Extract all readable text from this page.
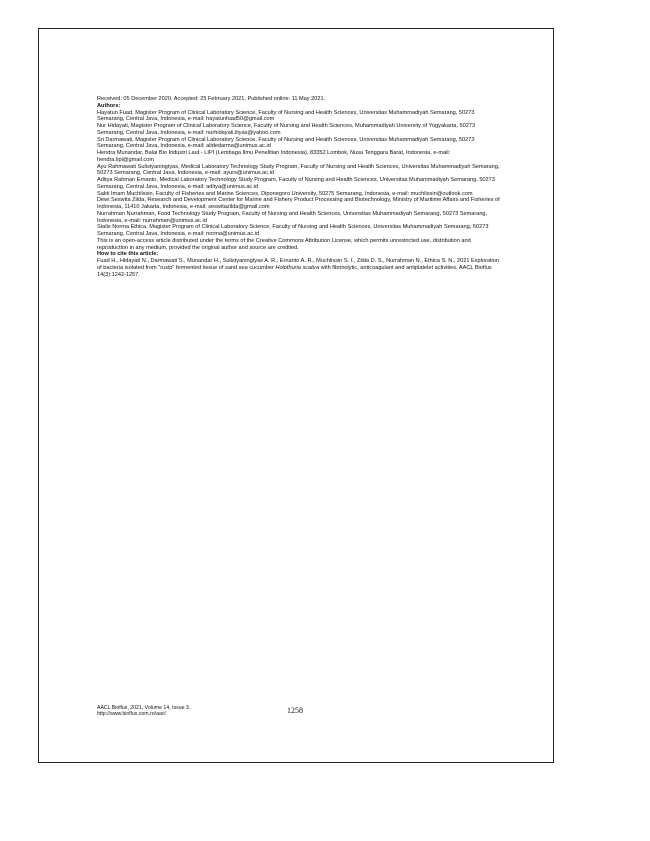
Received: 05 December 2020. Accepted: 25 February 2021. Published online: 11 May 2021.

Authors:

Hayatun Fuad, Magister Program of Clinical Laboratory Science, Faculty of Nursing and Health Sciences, Universitas Muhammadiyah Semarang, 50273 Semarang, Central Java, Indonesia, e-mail: hayatunfuad50@gmail.com

Nur Hidayati, Magister Program of Clinical Laboratory Science, Faculty of Nursing and Health Sciences, Muhammadiyah University of Yogyakarta, 50273 Semarang, Central Java, Indonesia, e-mail: nurhidayati.iliyas@yahoo.com

Sri Darmawati, Magister Program of Clinical Laboratory Science, Faculty of Nursing and Health Sciences, Universitas Muhammadiyah Semarang, 50273 Semarang, Central Java, Indonesia, e-mail: alidedarma@unimus.ac.id

Hendra Munandar, Balai Bio Industri Laut - LIPI (Lembaga Ilmu Penelitian Indonesia), 83352 Lombok, Nusa Tenggara Barat, Indonesia, e-mail: hendra.lipi@gmail.com

Ayu Rahmawati Sulistyaningtyas, Medical Laboratory Technology Study Program, Faculty of Nursing and Health Sciences, Universitas Muhammadiyah Semarang, 50273 Semarang, Central Java, Indonesia, e-mail: ayurs@unimus.ac.id

Aditya Rahman Ernanto, Medical Laboratory Technology Study Program, Faculty of Nursing and Health Sciences, Universitas Muhammadiyah Semarang, 50273 Semarang, Central Java, Indonesia, e-mail: aditya@unimus.ac.id

Sakti Imam Muchlissin, Faculty of Fisheries and Marine Sciences, Diponegoro University, 50275 Semarang, Indonesia, e-mail: muchlissin@outlook.com

Dewi Seswita Zilda, Research and Development Center for Marine and Fishery Product Processing and Biotechnology, Ministry of Maritime Affairs and Fisheries of Indonesia, 11410 Jakarta, Indonesia, e-mail: seswitazilda@gmail.com

Nurrahman Nurrahman, Food Technology Study Program, Faculty of Nursing and Health Sciences, Universitas Muhammadiyah Semarang, 50273 Semarang, Indonesia, e-mail: nurrahman@unimus.ac.id

Stalis Norma Ethica, Magister Program of Clinical Laboratory Science, Faculty of Nursing and Health Sciences, Universitas Muhammadiyah Semarang, 50273 Semarang, Central Java, Indonesia, e-mail: norma@unimus.ac.id

This is an open-access article distributed under the terms of the Creative Commons Attribution License, which permits unrestricted use, distribution and reproduction in any medium, provided the original author and source are credited.

How to cite this article:

Fuad H., Hidayati N., Darmawati S., Munandar H., Sulistyaningtyas A. R., Ernanto A. R., Muchlissin S. I., Zilda D. S., Nurrahman N., Ethica S. N., 2021 Exploration of bacteria isolated from "rusip" fermented tissue of sand sea cucumber Holothuria scabra with fibrinolytic, anticoagulant and antiplatelet activities. AACL Bioflux 14(3):1242-1257.

AACL Bioflux, 2021, Volume 14, Issue 3.
http://www.bioflux.com.ro/aacl	1258
